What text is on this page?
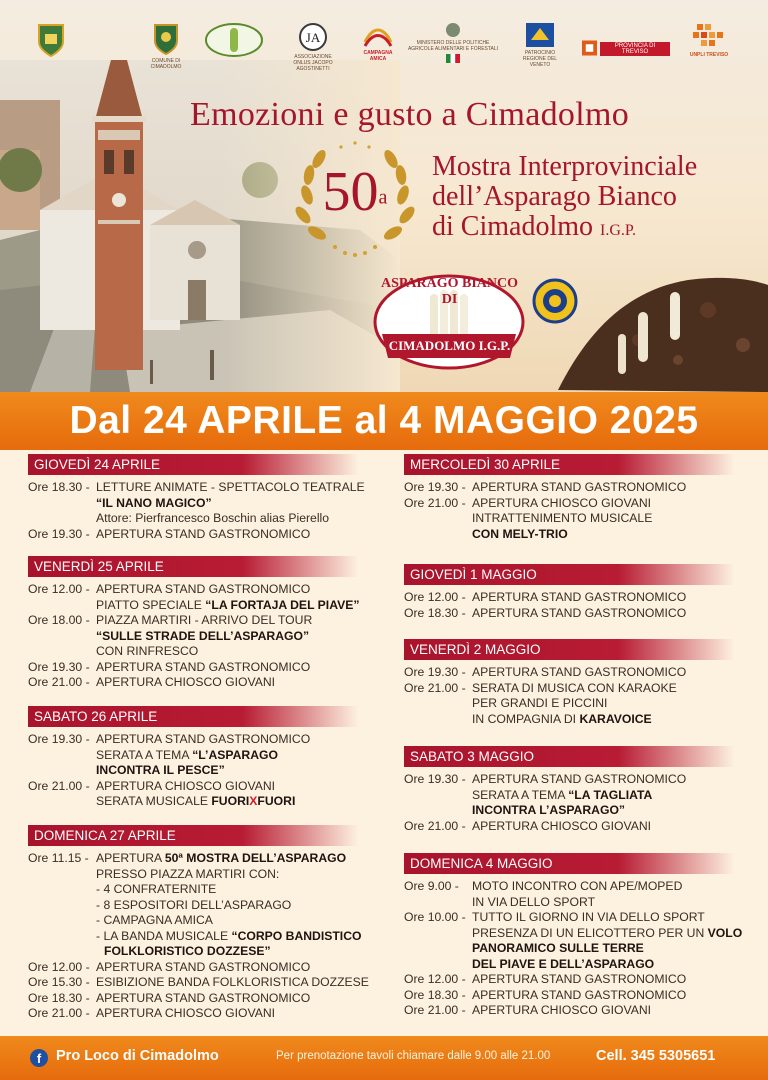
COMUNE DI CIMADOLMO
JA
ASSOCIAZIONE ONLUS JACOPO AGOSTINETTI
CAMPAGNA AMICA
MINISTERO DELLE POLITICHE AGRICOLE ALIMENTARI E FORESTALI
PATROCINIO REGIONE DEL VENETO
PROVINCIA DI TREVISO	UNPLI TREVISO
Emozioni e gusto a Cimadolmo
50$^a$
Mostra Interprovinciale
dell’Asparago Bianco
di Cimadolmo I.G.P.
ASPARAGO BIANCO DI
CIMADOLMO I.G.P.
Dal 24 APRILE al 4 MAGGIO 2025
GIOVEDÌ 24 APRILE
Ore 18.30 - LETTURE ANIMATE - SPETTACOLO TEATRALE
“IL NANO MAGICO”
Attore: Pierfrancesco Boschin alias Pierello
Ore 19.30 - APERTURA STAND GASTRONOMICO
VENERDÌ 25 APRILE
Ore 12.00 - APERTURA STAND GASTRONOMICO
PIATTO SPECIALE “LA FORTAJA DEL PIAVE”
Ore 18.00 - PIAZZA MARTIRI - ARRIVO DEL TOUR
“SULLE STRADE DELL’ASPARAGO”
CON RINFRESCO
Ore 19.30 - APERTURA STAND GASTRONOMICO
Ore 21.00 - APERTURA CHIOSCO GIOVANI
SABATO 26 APRILE
Ore 19.30 - APERTURA STAND GASTRONOMICO
SERATA A TEMA “L’ASPARAGO
INCONTRA IL PESCE”
Ore 21.00 - APERTURA CHIOSCO GIOVANI
SERATA MUSICALE FUORIXFUORI
DOMENICA 27 APRILE
Ore 11.15 - APERTURA 50ª MOSTRA DELL’ASPARAGO
PRESSO PIAZZA MARTIRI CON:
- 4 CONFRATERNITE
- 8 ESPOSITORI DELL’ASPARAGO
- CAMPAGNA AMICA
- LA BANDA MUSICALE “CORPO BANDISTICO
FOLKLORISTICO DOZZESE”
Ore 12.00 - APERTURA STAND GASTRONOMICO
Ore 15.30 - ESIBIZIONE BANDA FOLKLORISTICA DOZZESE
Ore 18.30 - APERTURA STAND GASTRONOMICO
Ore 21.00 - APERTURA CHIOSCO GIOVANI
MERCOLEDÌ 30 APRILE
Ore 19.30 - APERTURA STAND GASTRONOMICO
Ore 21.00 - APERTURA CHIOSCO GIOVANI
INTRATTENIMENTO MUSICALE
CON MELY-TRIO
GIOVEDÌ 1 MAGGIO
Ore 12.00 - APERTURA STAND GASTRONOMICO
Ore 18.30 - APERTURA STAND GASTRONOMICO
VENERDÌ 2 MAGGIO
Ore 19.30 - APERTURA STAND GASTRONOMICO
Ore 21.00 - SERATA DI MUSICA CON KARAOKE
PER GRANDI E PICCINI
IN COMPAGNIA DI KARAVOICE
SABATO 3 MAGGIO
Ore 19.30 - APERTURA STAND GASTRONOMICO
SERATA A TEMA “LA TAGLIATA
INCONTRA L’ASPARAGO”
Ore 21.00 - APERTURA CHIOSCO GIOVANI
DOMENICA 4 MAGGIO
Ore 9.00 - MOTO INCONTRO CON APE/MOPED
IN VIA DELLO SPORT
Ore 10.00 - TUTTO IL GIORNO IN VIA DELLO SPORT
PRESENZA DI UN ELICOTTERO PER UN VOLO
PANORAMICO SULLE TERRE
DEL PIAVE E DELL’ASPARAGO
Ore 12.00 - APERTURA STAND GASTRONOMICO
Ore 18.30 - APERTURA STAND GASTRONOMICO
Ore 21.00 - APERTURA CHIOSCO GIOVANI
f	Pro Loco di Cimadolmo	Per prenotazione tavoli chiamare dalle 9.00 alle 21.00	Cell. 345 5305651
